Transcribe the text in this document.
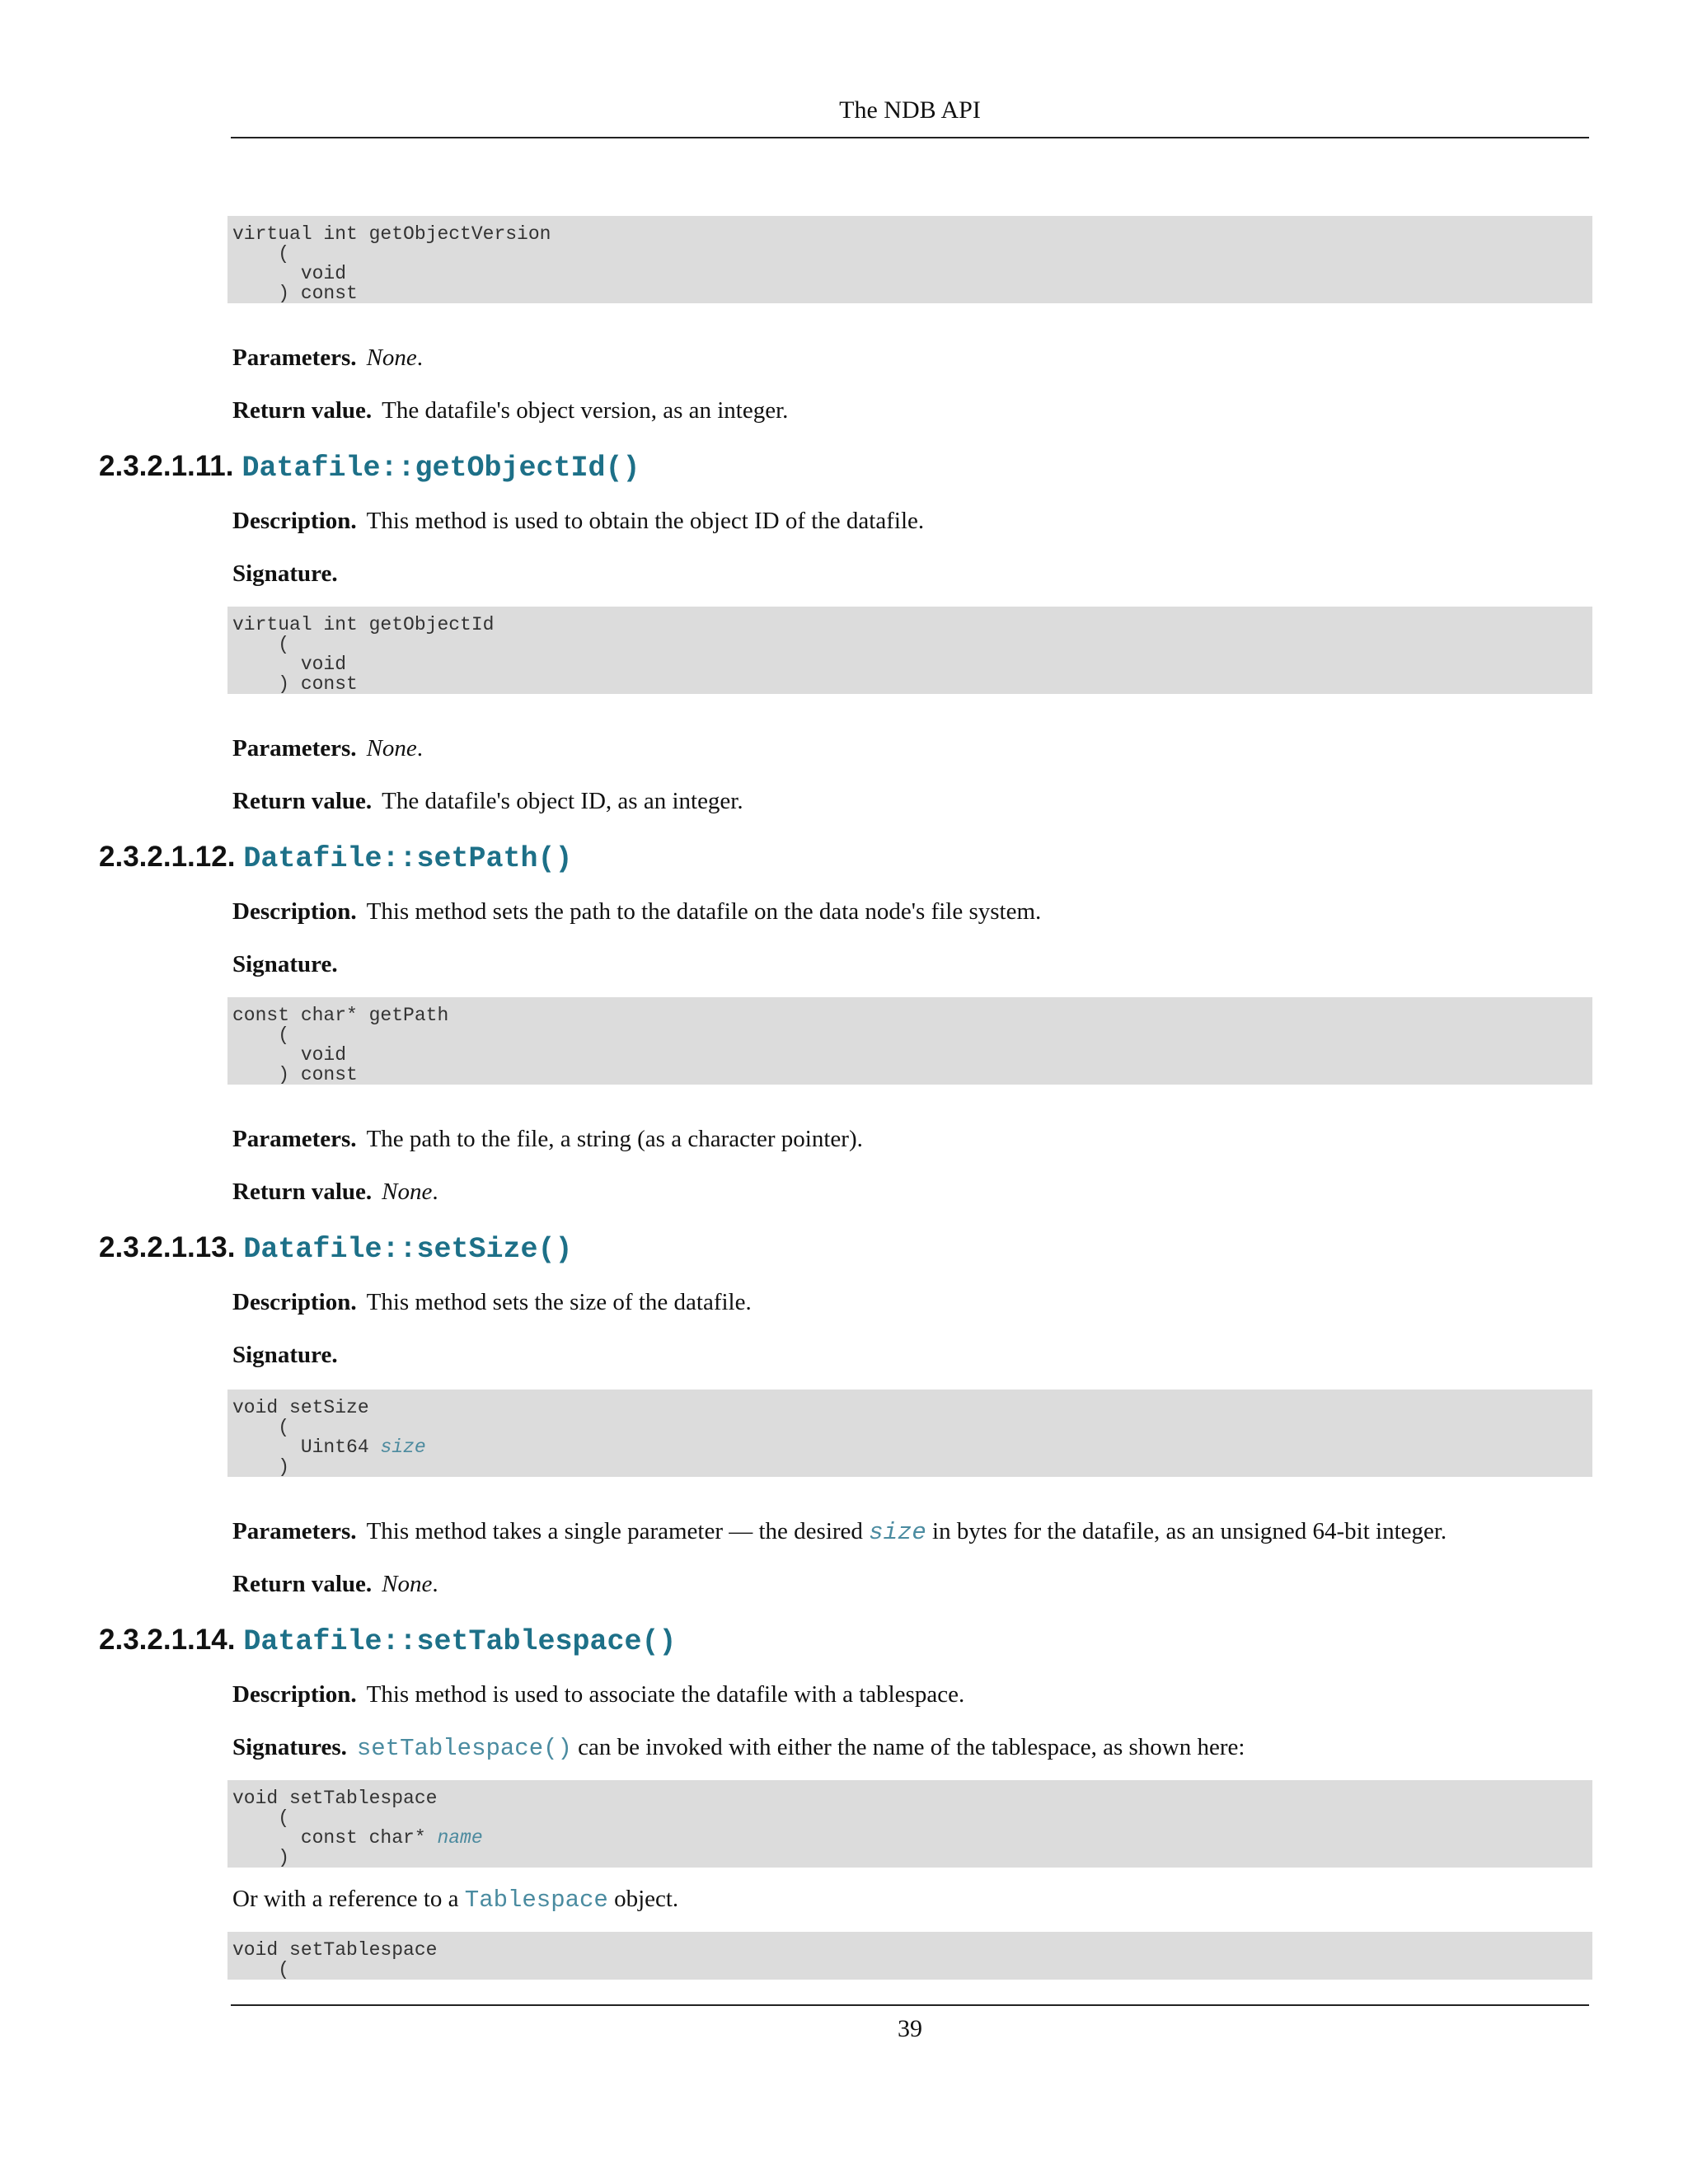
The NDB API
virtual int getObjectVersion
(
void
) const
Parameters. None.
Return value. The datafile's object version, as an integer.
2.3.2.1.11. Datafile::getObjectId()
Description. This method is used to obtain the object ID of the datafile.
Signature.
virtual int getObjectId
(
void
) const
Parameters. None.
Return value. The datafile's object ID, as an integer.
2.3.2.1.12. Datafile::setPath()
Description. This method sets the path to the datafile on the data node's file system.
Signature.
const char* getPath
(
void
) const
Parameters. The path to the file, a string (as a character pointer).
Return value. None.
2.3.2.1.13. Datafile::setSize()
Description. This method sets the size of the datafile.
Signature.
void setSize
(
Uint64 size
)
Parameters. This method takes a single parameter — the desired size in bytes for the datafile, as an unsigned 64-bit integer.
Return value. None.
2.3.2.1.14. Datafile::setTablespace()
Description. This method is used to associate the datafile with a tablespace.
Signatures. setTablespace() can be invoked with either the name of the tablespace, as shown here:
void setTablespace
(
const char* name
)
Or with a reference to a Tablespace object.
void setTablespace
(
39
